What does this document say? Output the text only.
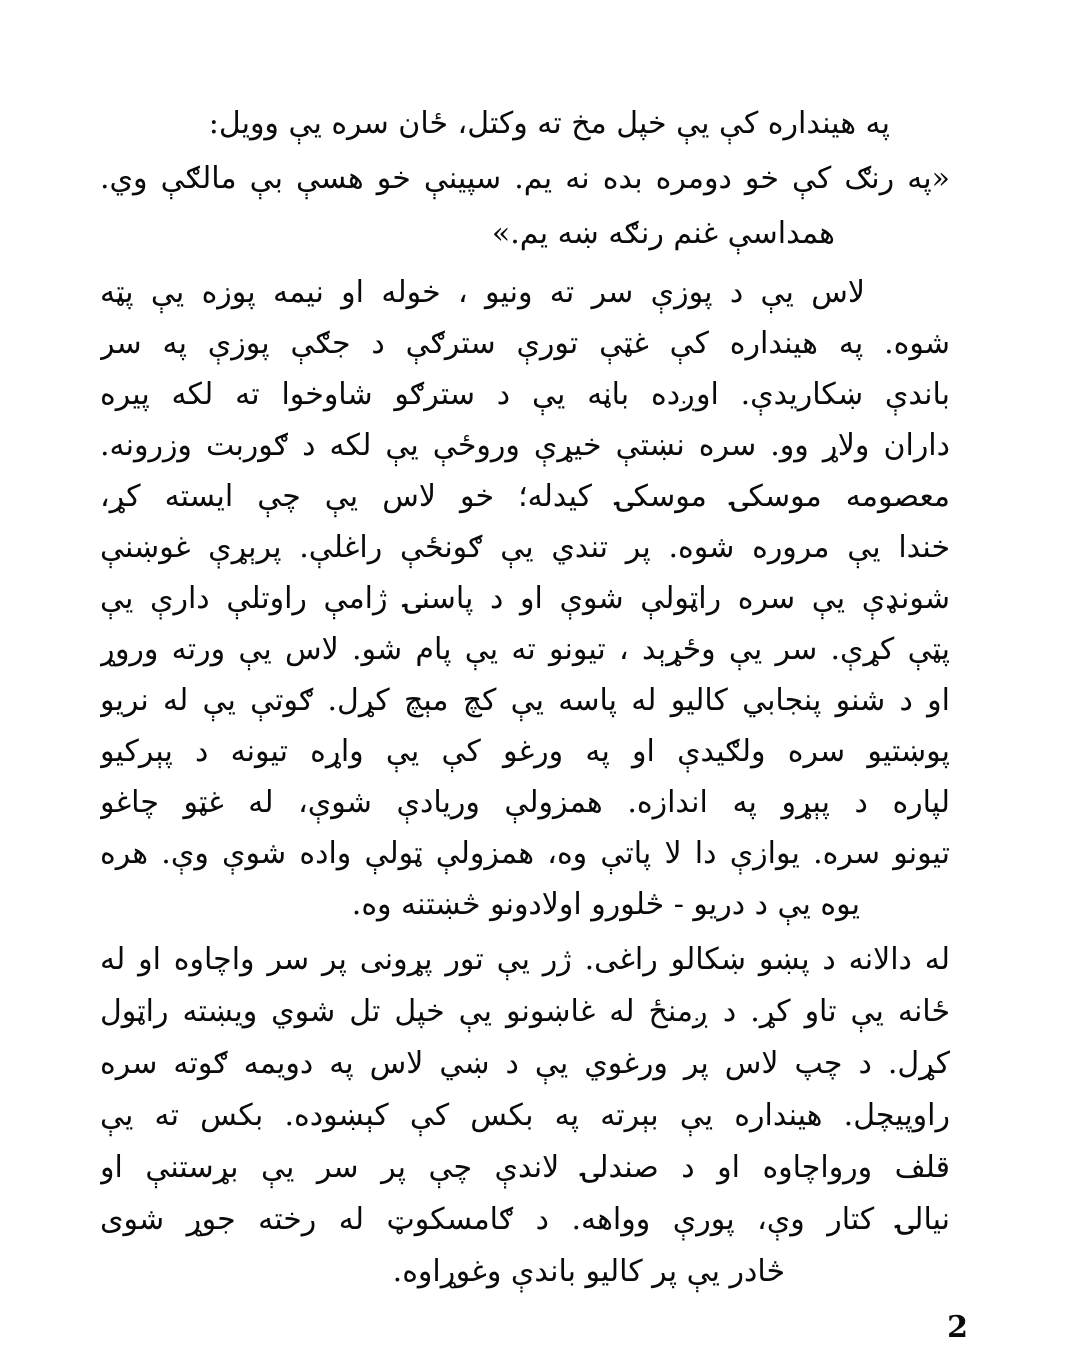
په هينداره کې يې خپل مخ ته وکتل، ځان سره يې وويل:
«په رنګ کې خو دومره بده نه يم. سپينې خو هسې بې مالګې وي.
همداسې غنم رنګه ښه يم.»
لاس يې د پوزې سر ته ونيو ، خوله او نيمه پوزه يې پټه
شوه. په هينداره کې غټې تورې سترګې د جګې پوزې په سر
باندې ښکاريدې. اوږده باڼه يې د سترګو شاوخوا ته لکه پيره
داران ولاړ وو. سره نښتې خيړې وروځې يې لکه د ګوربت وزرونه.
معصومه موسکۍ موسکۍ کيدله؛ خو لاس يې چې ايسته کړ،
خندا يې مروره شوه. پر تندي يې ګونځې راغلې. پرېړې غوښنې
شونډې يې سره راټولې شوې او د پاسنۍ ژامې راوتلې دارې يې
پټې کړې. سر يې وځړېد ، تيونو ته يې پام شو. لاس يې ورته وروړ
او د شنو پنجابي کاليو له پاسه يې کچ مېچ کړل. ګوتې يې له نريو
پوښتيو سره ولګيدې او په ورغو کې يې واړه تيونه د پېرکيو
لپاره د پېړو په اندازه. همزولې وريادې شوې، له غټو چاغو
تيونو سره. يوازې دا لا پاتې وه، همزولې ټولې واده شوې وې. هره
يوه يې د دريو - څلورو اولادونو څښتنه وه.
له دالانه د پښو ښکالو راغی. ژر يې تور پړونی پر سر واچاوه او له
ځانه يې تاو کړ. د ږمنځ له غاښونو يې خپل تل شوي ويښته راټول
کړل. د چپ لاس پر ورغوي يې د ښي لاس په دويمه ګوته سره
راوپيچل. هينداره يې بېرته په بکس کې کېښوده. بکس ته يې
قلف ورواچاوه او د صندلۍ لاندې چې پر سر يې بړستنې او
نيالۍ کتار وې، پورې وواهه. د ګامسکوټ له رخته جوړ شوی
څادر يې پر کاليو باندې وغوړاوه.
2
